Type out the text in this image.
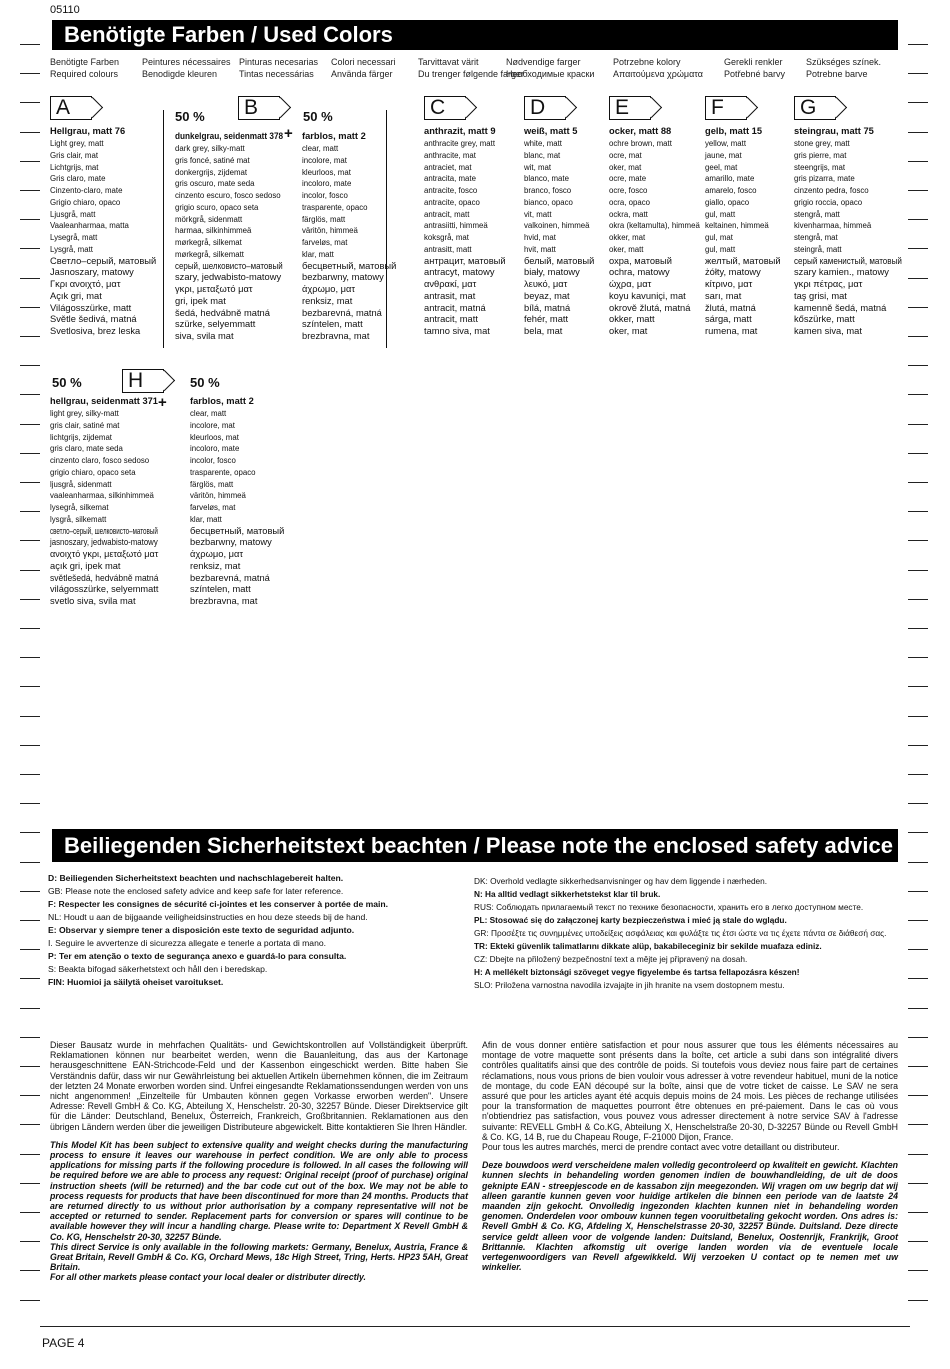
05110
Benötigte Farben / Used Colors
Benötigte Farben
Required colours
Peintures nécessaires
Benodigde kleuren
Pinturas necesarias
Tintas necessárias
Colori necessari
Använda färger
Tarvittavat värit
Du trenger følgende farger
Nødvendige farger
Необходимые краски
Potrzebne kolory
Απαιτούμενα χρώματα
Gerekli renkler
Potřebné barvy
Szükséges színek.
Potrebne barve
A
Hellgrau, matt 76
Light grey, matt
Gris clair, mat
Lichtgrijs, mat
Gris claro, mate
Cinzento-claro, mate
Grigio chiaro, opaco
Ljusgrå, matt
Vaaleanharmaa, matta
Lysegrå, matt
Lysgrå, matt
Светло–серый, матовый
Jasnoszary, matowy
Γκρι ανοιχτό, ματ
Açık gri, mat
Világosszürke, matt
Světle šedivá, matná
Svetlosiva, brez leska
50 % B	50 %
dunkelgrau, seidenmatt 378
dark grey, silky-matt
gris foncé, satiné mat
donkergrijs, zijdemat
gris oscuro, mate seda
cinzento escuro, fosco sedoso
grigio scuro, opaco seta
mörkgrå, sidenmatt
harmaa, silkinhimmeä
mørkegrå, silkemat
mørkegrå, silkematt
серый, шелковисто–матовый
szary, jedwabisto-matowy
γκρι, μεταξωτό ματ
gri, ipek mat
šedá, hedvábně matná
szürke, selyemmatt
siva, svila mat
+ farblos, matt 2
clear, matt
incolore, mat
kleurloos, mat
incoloro, mate
incolor, fosco
trasparente, opaco
färglös, matt
väritön, himmeä
farveløs, mat
klar, matt
бесцветный, матовый
bezbarwny, matowy
άχρωμο, ματ
renksiz, mat
bezbarevná, matná
színtelen, matt
brezbravna, mat
C
anthrazit, matt 9
anthracite grey, matt
anthracite, mat
antraciet, mat
antracita, mate
antracite, fosco
antracite, opaco
antracit, matt
antrasiitti, himmeä
koksgrå, mat
antrasitt, matt
антрацит, матовый
antracyt, matowy
ανθρακί, ματ
antrasit, mat
antracit, matná
antracit, matt
tamno siva, mat
D
weiß, matt 5
white, matt
blanc, mat
wit, mat
blanco, mate
branco, fosco
bianco, opaco
vit, matt
valkoinen, himmeä
hvid, mat
hvit, matt
белый, матовый
biały, matowy
λευκό, ματ
beyaz, mat
bílá, matná
fehér, matt
bela, mat
E
ocker, matt 88
ochre brown, matt
ocre, mat
oker, mat
ocre, mate
ocre, fosco
ocra, opaco
ockra, matt
okra (keltamulta), himmeä
okker, mat
oker, matt
охра, матовый
ochra, matowy
ώχρα, ματ
koyu kavuniçi, mat
okrově žlutá, matná
okker, matt
oker, mat
F
gelb, matt 15
yellow, matt
jaune, mat
geel, mat
amarillo, mate
amarelo, fosco
giallo, opaco
gul, matt
keltainen, himmeä
gul, mat
gul, matt
желтый, матовый
żółty, matowy
κίτρινο, ματ
sarı, mat
žlutá, matná
sárga, matt
rumena, mat
G
steingrau, matt 75
stone grey, matt
gris pierre, mat
steengrijs, mat
gris pizarra, mate
cinzento pedra, fosco
grigio roccia, opaco
stengrå, matt
kivenharmaa, himmeä
stengrå, mat
steingrå, matt
серый каменистый, матовый
szary kamien., matowy
γκρι πέτρας, ματ
taş grisi, mat
kamenně šedá, matná
kőszürke, matt
kamen siva, mat
50 % H	50 %
hellgrau, seidenmatt 371
light grey, silky-matt
gris clair, satiné mat
lichtgrijs, zijdemat
gris claro, mate seda
cinzento claro, fosco sedoso
grigio chiaro, opaco seta
ljusgrå, sidenmatt
vaaleanharmaa, silkinhimmeä
lysegrå, silkemat
lysgrå, silkematt
светло–серый, шелковисто–матовый
jasnoszary, jedwabisto-matowy
ανοιχτό γκρι, μεταξωτό ματ
açık gri, ipek mat
světlešedá, hedvábně matná
világosszürke, selyemmatt
svetlo siva, svila mat
+ farblos, matt 2
clear, matt
incolore, mat
kleurloos, mat
incoloro, mate
incolor, fosco
trasparente, opaco
färglös, matt
väritön, himmeä
farveløs, mat
klar, matt
бесцветный, матовый
bezbarwny, matowy
άχρωμο, ματ
renksiz, mat
bezbarevná, matná
színtelen, matt
brezbravna, mat
Beiliegenden Sicherheitstext beachten / Please note the enclosed safety advice
D: Beiliegenden Sicherheitstext beachten und nachschlagebereit halten.
GB: Please note the enclosed safety advice and keep safe for later reference.
F: Respecter les consignes de sécurité ci-jointes et les conserver à portée de main.
NL: Houdt u aan de bijgaande veiligheidsinstructies en hou deze steeds bij de hand.
E: Observar y siempre tener a disposición este texto de seguridad adjunto.
I. Seguire le avvertenze di sicurezza allegate e tenerle a portata di mano.
P: Ter em atenção o texto de segurança anexo e guardá-lo para consulta.
S: Beakta bifogad säkerhetstext och håll den i beredskap.
FIN: Huomioi ja säilytä oheiset varoitukset.
DK: Overhold vedlagte sikkerhedsanvisninger og hav dem liggende i nærheden.
N: Ha alltid vedlagt sikkerhetstekst klar til bruk.
RUS: Соблюдать прилагаемый текст по технике безопасности, хранить его в легко доступном месте.
PL: Stosować się do załączonej karty bezpieczeństwa i mieć ją stale do wglądu.
GR: Προσέξτε τις συνημμένες υποδείξεις ασφάλειας και φυλάξτε τις έτσι ώστε να τις έχετε πάντα σε διάθεσή σας.
TR: Ekteki güvenlik talimatlarını dikkate alüp, bakabileceginiz bir sekilde muafaza ediniz.
CZ: Dbejte na přiložený bezpečnostní text a mějte jej připravený na dosah.
H: A mellékelt biztonsági szöveget vegye figyelembe és tartsa fellapozásra készen!
SLO: Priložena varnostna navodila izvajajte in jih hranite na vsem dostopnem mestu.

Dieser Bausatz wurde in mehrfachen Qualitäts- und Gewichtskontrollen auf Vollständigkeit überprüft. Reklamationen können nur bearbeitet werden, wenn die Bauanleitung, das aus der Kartonage herausgeschnittene EAN-Strichcode-Feld und der Kassenbon eingeschickt werden. Bitte haben Sie Verständnis dafür, dass wir nur Gewährleistung bei aktuellen Artikeln übernehmen können, die im Zeitraum der letzten 24 Monate erworben worden sind. Unfrei eingesandte Reklamationssendungen werden von uns nicht angenommen! „Einzelteile für Umbauten können gegen Vorkasse erworben werden". Unsere Adresse: Revell GmbH & Co. KG, Abteilung X, Henschelstr. 20-30, 32257 Bünde. Dieser Direktservice gilt für die Länder: Deutschland, Benelux, Österreich, Frankreich, Großbritannien. Reklamationen aus den übrigen Ländern werden über die jeweiligen Distributeure abgewickelt. Bitte kontaktieren Sie Ihren Händler.

This Model Kit has been subject to extensive quality and weight checks during the manufacturing process to ensure it leaves our warehouse in perfect condition. We are only able to process applications for missing parts if the following procedure is followed. In all cases the following will be required before we are able to process any request: Original receipt (proof of purchase) original instruction sheets (will be returned) and the bar code cut out of the box. We may not be able to process requests for products that have been discontinued for more than 24 months. Products that are returned directly to us without prior authorisation by a company representative will not be accepted or returned to sender. Replacement parts for conversion or spares will continue to be available however they will incur a handling charge. Please write to: Department X Revell GmbH & Co. KG, Henschelstr 20-30, 32257 Bünde.

This direct Service is only available in the following markets: Germany, Benelux, Austria, France & Great Britain, Revell GmbH & Co. KG, Orchard Mews, 18c High Street, Tring, Herts. HP23 5AH, Great Britain.

For all other markets please contact your local dealer or distributer directly.

Afin de vous donner entière satisfaction et pour nous assurer que tous les éléments nécessaires au montage de votre maquette sont présents dans la boîte, cet article a subi dans son intégralité divers contrôles qualitatifs ainsi que des contrôle de poids. Si toutefois vous deviez nous faire part de certaines réclamations, nous vous prions de bien vouloir vous adresser à votre revendeur habituel, muni de la notice de montage, du code EAN découpé sur la boîte, ainsi que de votre ticket de caisse. Le SAV ne sera assuré que pour les articles ayant été acquis depuis moins de 24 mois. Les pièces de rechange utilisées pour la transformation de maquettes pourront être obtenues en pré-paiement. Dans le cas où vous n'obtiendriez pas satisfaction, vous pouvez vous adresser directement à notre service SAV à l'adresse suivante: REVELL GmbH & Co.KG, Abteilung X, Henschelstraße 20-30, D-32257 Bünde ou Revell GmbH & Co. KG, 14 B, rue du Chapeau Rouge, F-21000 Dijon, France.

Pour tous les autres marchés, merci de prendre contact avec votre detaillant ou distributeur.

Deze bouwdoos werd verscheidene malen volledig gecontroleerd op kwaliteit en gewicht. Klachten kunnen slechts in behandeling worden genomen indien de bouwhandleiding, de uit de doos geknipte EAN - streepjescode en de kassabon zijn meegezonden. Wij vragen om uw begrip dat wij alleen garantie kunnen geven voor huidige artikelen die binnen een periode van de laatste 24 maanden zijn gekocht. Onvolledig ingezonden klachten kunnen niet in behandeling worden genomen. Onderdelen voor ombouw kunnen tegen vooruitbetaling gekocht worden. Ons adres is: Revell GmbH & Co. KG, Afdeling X, Henschelstrasse 20-30, 32257 Bünde. Duitsland. Deze directe service geldt alleen voor de volgende landen: Duitsland, Benelux, Oostenrijk, Frankrijk, Groot Brittannie. Klachten afkomstig uit overige landen worden via de eventuele locale vertegenwoordigers van Revell afgewikkeld. Wij verzoeken U contact op te nemen met uw winkelier.

PAGE 4
